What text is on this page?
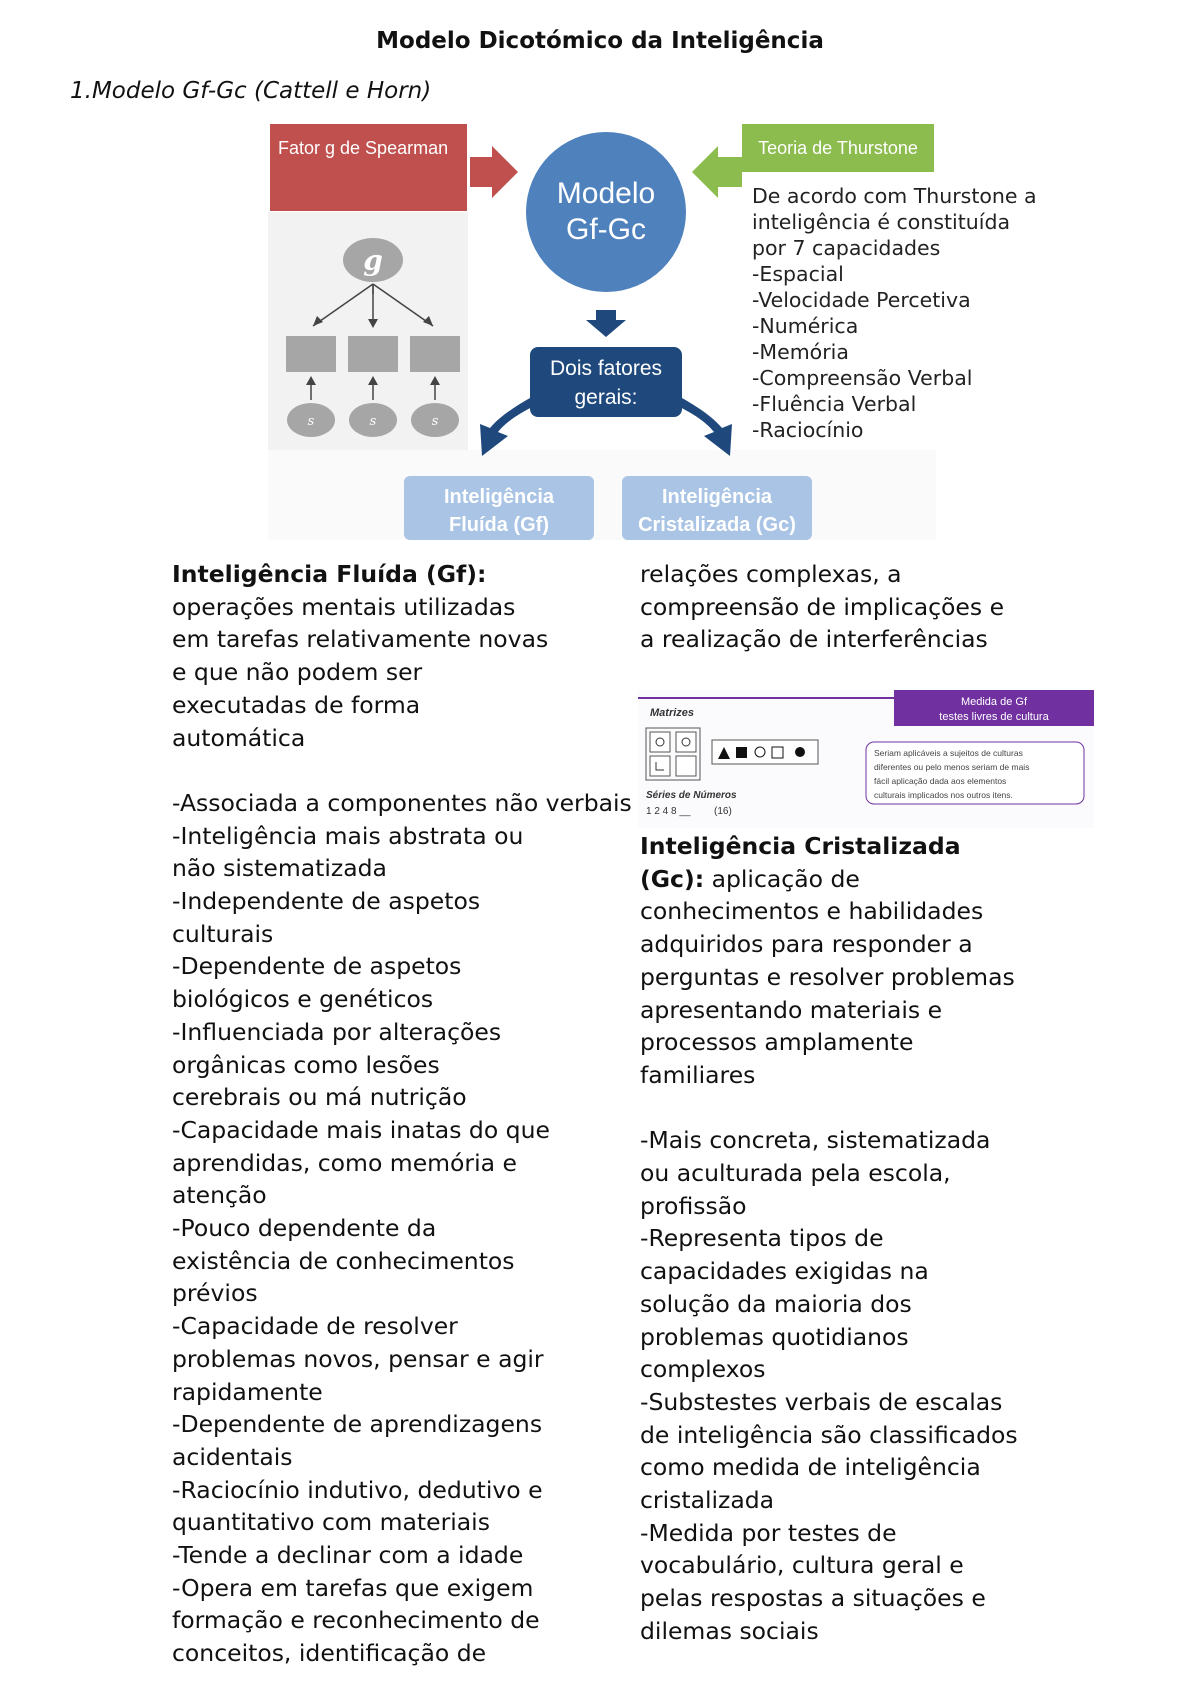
Modelo Dicotómico da Inteligência
1.Modelo Gf-Gc (Cattell e Horn)
Fator g de Spearman
Modelo
Gf-Gc
Teoria de Thurstone
g
s	s	s
Dois fatores
gerais:
Inteligência
Fluída (Gf)
Inteligência
Cristalizada (Gc)
De acordo com Thurstone a
inteligência é constituída
por 7 capacidades
-Espacial
-Velocidade Percetiva
-Numérica
-Memória
-Compreensão Verbal
-Fluência Verbal
-Raciocínio

Inteligência Fluída (Gf):

operações mentais utilizadas

em tarefas relativamente novas

e que não podem ser

executadas de forma

automática

-Associada a componentes não verbais

-Inteligência mais abstrata ou

não sistematizada

-Independente de aspetos

culturais

-Dependente de aspetos

biológicos e genéticos

-Influenciada por alterações

orgânicas como lesões

cerebrais ou má nutrição

-Capacidade mais inatas do que

aprendidas, como memória e

atenção

-Pouco dependente da

existência de conhecimentos

prévios

-Capacidade de resolver

problemas novos, pensar e agir

rapidamente

-Dependente de aprendizagens

acidentais

-Raciocínio indutivo, dedutivo e

quantitativo com materiais

-Tende a declinar com a idade

-Opera em tarefas que exigem

formação e reconhecimento de

conceitos, identificação de

relações complexas, a

compreensão de implicações e

a realização de interferências

Matrizes
Medida de Gf
testes livres de cultura
Seriam aplicáveis a sujeitos de culturas
diferentes ou pelo menos seriam de mais
fácil aplicação dada aos elementos
culturais implicados nos outros itens.
Séries de Números
1 2 4 8 __ (16)

Inteligência Cristalizada

(Gc): aplicação de

conhecimentos e habilidades

adquiridos para responder a

perguntas e resolver problemas

apresentando materiais e

processos amplamente

familiares

-Mais concreta, sistematizada

ou aculturada pela escola,

profissão

-Representa tipos de

capacidades exigidas na

solução da maioria dos

problemas quotidianos

complexos

-Substestes verbais de escalas

de inteligência são classificados

como medida de inteligência

cristalizada

-Medida por testes de

vocabulário, cultura geral e

pelas respostas a situações e

dilemas sociais
